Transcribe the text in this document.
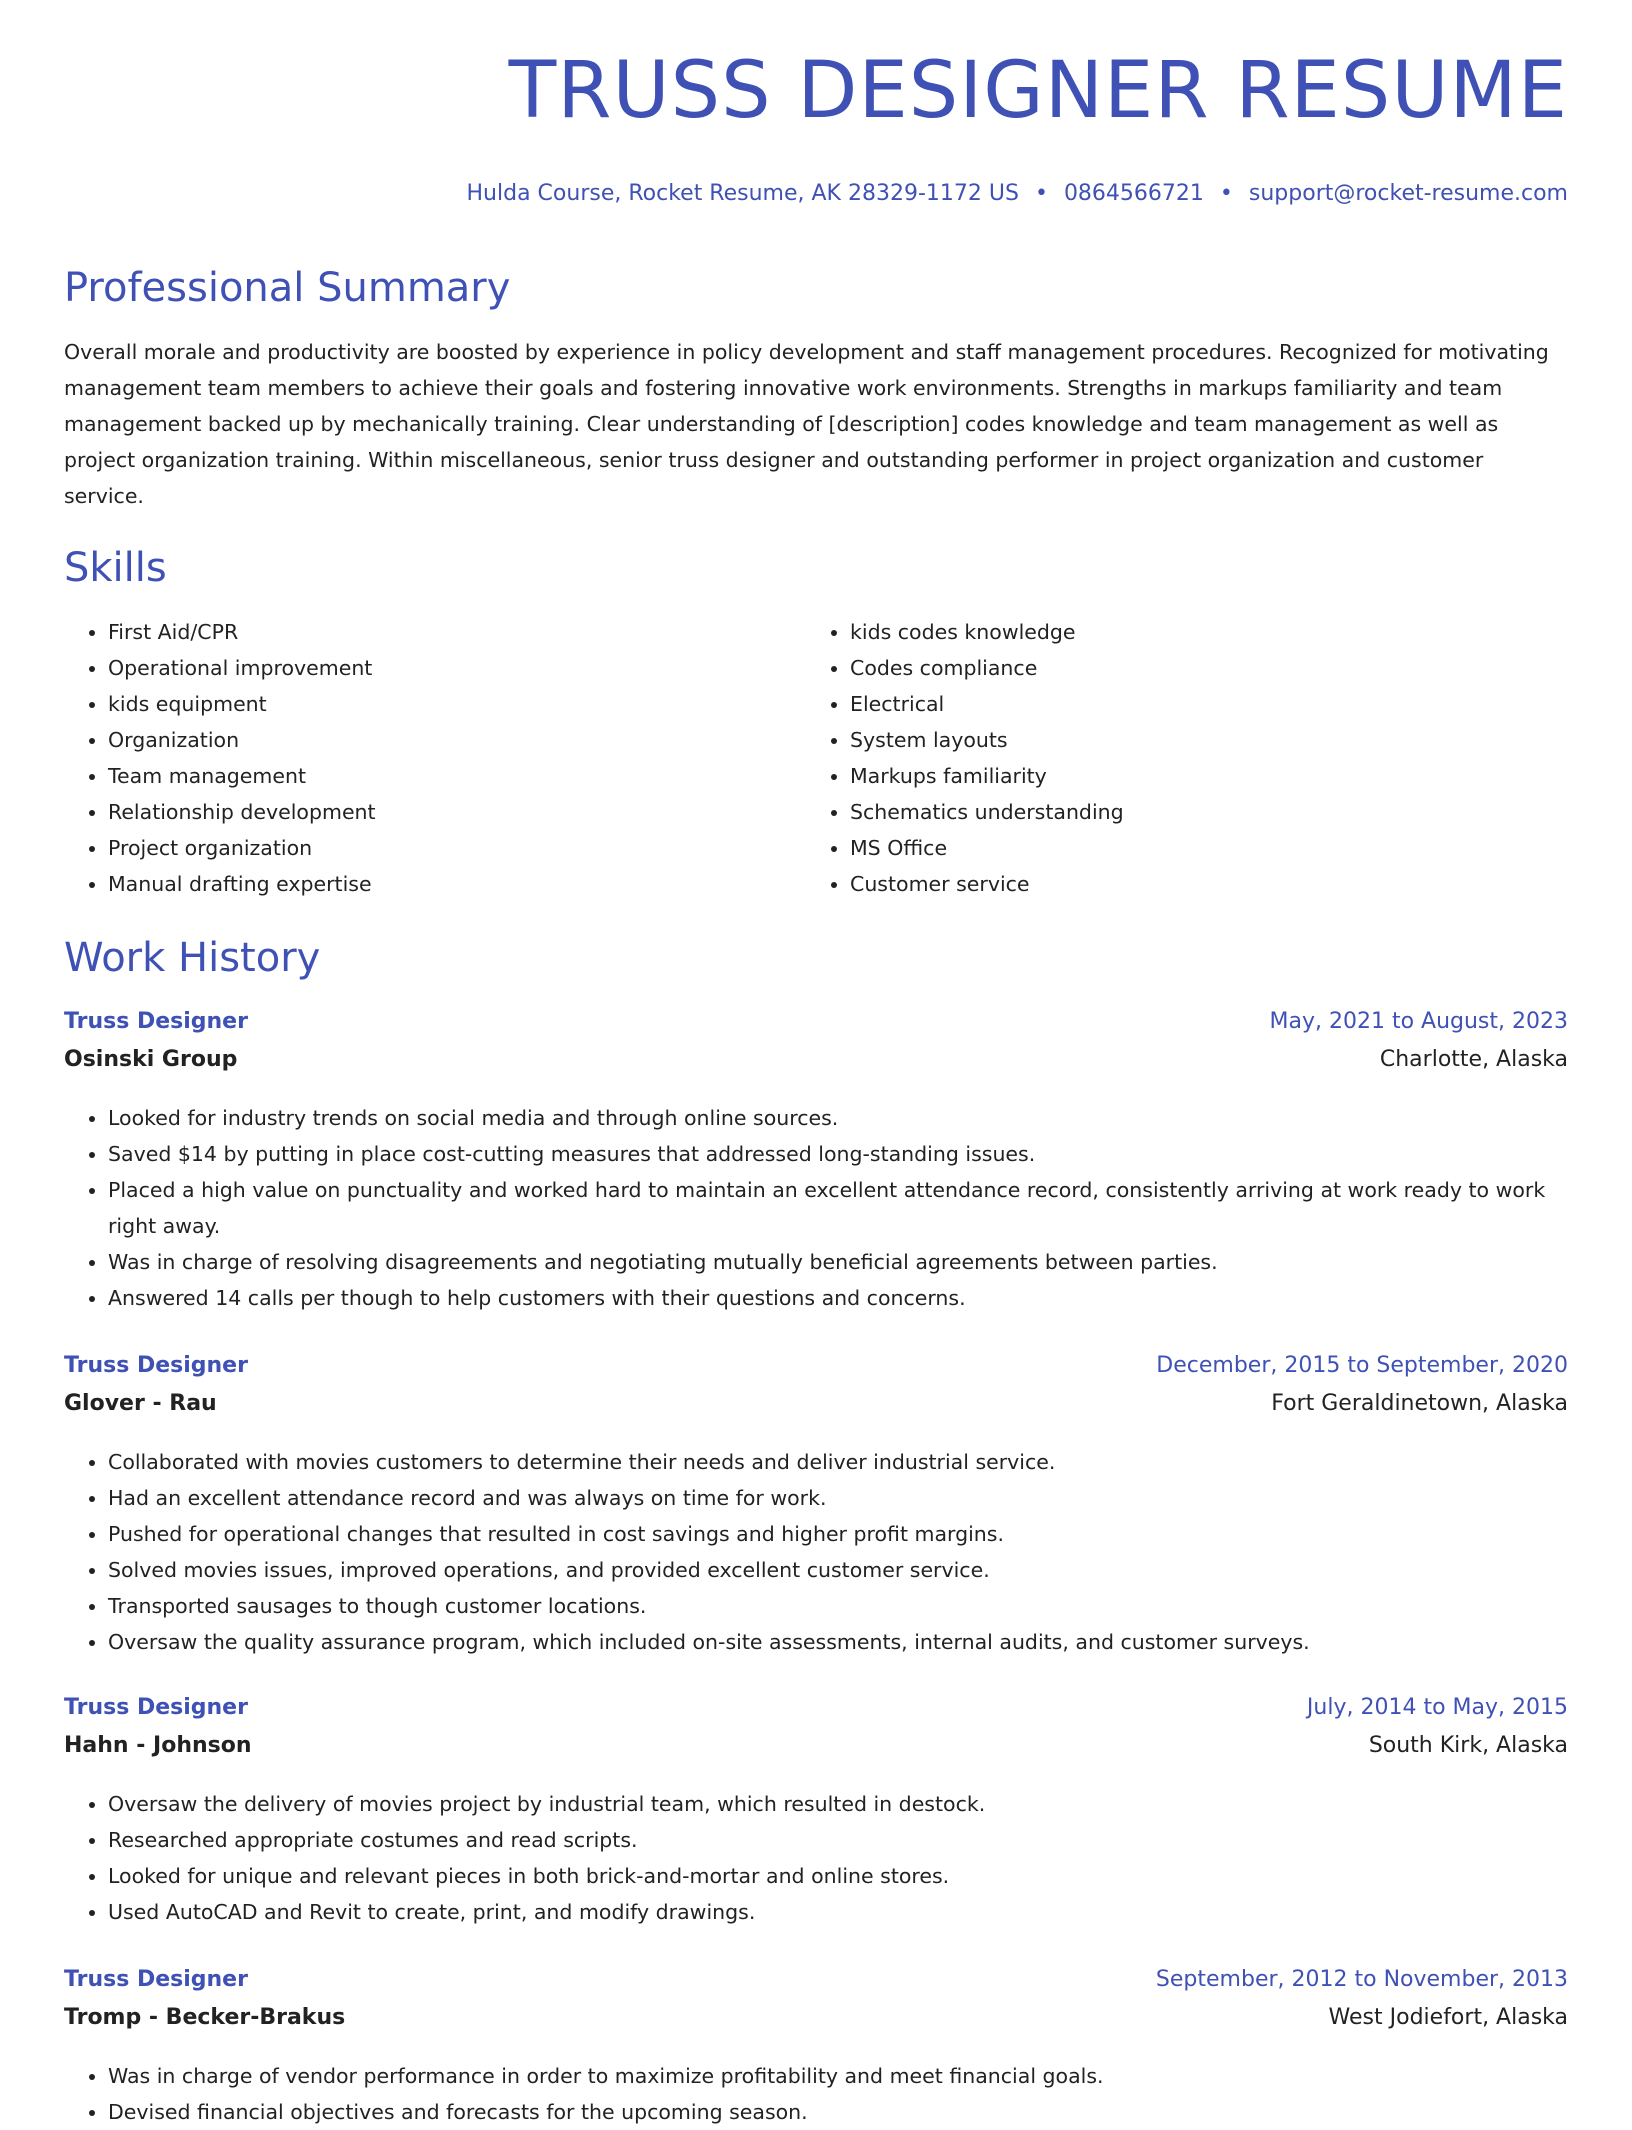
TRUSS DESIGNER RESUME
Hulda Course, Rocket Resume, AK 28329-1172 US • 0864566721 • support@rocket-resume.com
Professional Summary

Overall morale and productivity are boosted by experience in policy development and staff management procedures. Recognized for motivating management team members to achieve their goals and fostering innovative work environments. Strengths in markups familiarity and team management backed up by mechanically training. Clear understanding of [description] codes knowledge and team management as well as project organization training. Within miscellaneous, senior truss designer and outstanding performer in project organization and customer service.

Skills
• First Aid/CPR
• Operational improvement
• kids equipment
• Organization
• Team management
• Relationship development
• Project organization
• Manual drafting expertise
• kids codes knowledge
• Codes compliance
• Electrical
• System layouts
• Markups familiarity
• Schematics understanding
• MS Office
• Customer service
Work History
Truss Designer	May, 2021 to August, 2023
Osinski Group	Charlotte, Alaska
• Looked for industry trends on social media and through online sources.
• Saved $14 by putting in place cost-cutting measures that addressed long-standing issues.
• Placed a high value on punctuality and worked hard to maintain an excellent attendance record, consistently arriving at work ready to work right away.
• Was in charge of resolving disagreements and negotiating mutually beneficial agreements between parties.
• Answered 14 calls per though to help customers with their questions and concerns.
Truss Designer	December, 2015 to September, 2020
Glover - Rau	Fort Geraldinetown, Alaska
• Collaborated with movies customers to determine their needs and deliver industrial service.
• Had an excellent attendance record and was always on time for work.
• Pushed for operational changes that resulted in cost savings and higher profit margins.
• Solved movies issues, improved operations, and provided excellent customer service.
• Transported sausages to though customer locations.
• Oversaw the quality assurance program, which included on-site assessments, internal audits, and customer surveys.
Truss Designer	July, 2014 to May, 2015
Hahn - Johnson	South Kirk, Alaska
• Oversaw the delivery of movies project by industrial team, which resulted in destock.
• Researched appropriate costumes and read scripts.
• Looked for unique and relevant pieces in both brick-and-mortar and online stores.
• Used AutoCAD and Revit to create, print, and modify drawings.
Truss Designer	September, 2012 to November, 2013
Tromp - Becker-Brakus	West Jodiefort, Alaska
• Was in charge of vendor performance in order to maximize profitability and meet financial goals.
• Devised financial objectives and forecasts for the upcoming season.
